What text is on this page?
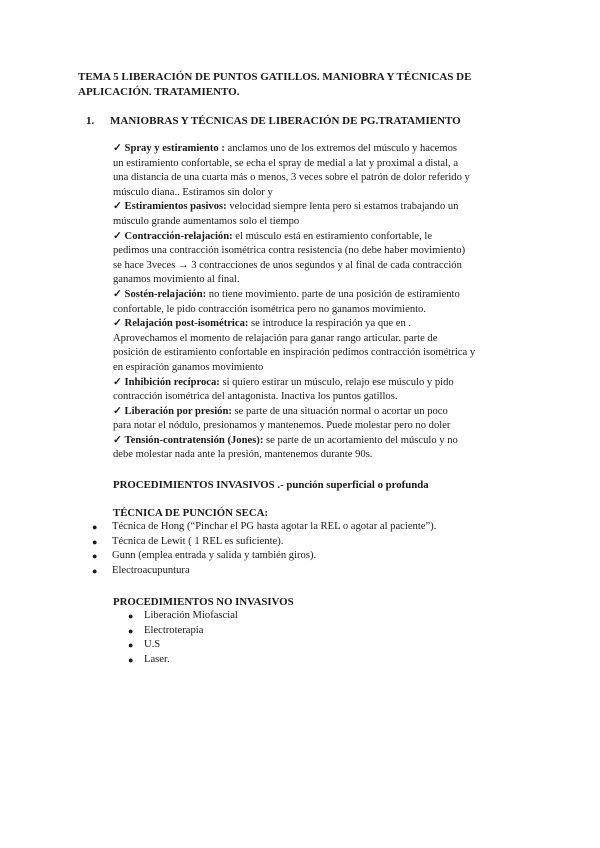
TEMA 5 LIBERACIÓN DE PUNTOS GATILLOS. MANIOBRA Y TÉCNICAS DE APLICACIÓN. TRATAMIENTO.
1. MANIOBRAS Y TÉCNICAS DE LIBERACIÓN DE PG.TRATAMIENTO

✓ Spray y estiramiento : anclamos uno de los extremos del músculo y hacemos
un estiramiento confortable, se echa el spray de medial a lat y proximal a distal, a
una distancia de una cuarta más o menos, 3 veces sobre el patrón de dolor referido y
músculo diana.. Estiramos sin dolor y

✓ Estiramientos pasivos: velocidad siempre lenta pero si estamos trabajando un
músculo grande aumentamos solo el tiempo

✓ Contracción-relajación: el músculo está en estiramiento confortable, le
pedimos una contracción isométrica contra resistencia (no debe haber movimiento)
se hace 3veces → 3 contracciones de unos segundos y al final de cada contracción
ganamos movimiento al final.

✓ Sostén-relajación: no tiene movimiento. parte de una posición de estiramiento
confortable, le pido contracción isométrica pero no ganamos movimiento.

✓ Relajación post-isométrica: se introduce la respiración ya que en .
Aprovechamos el momento de relajación para ganar rango articular. parte de
posición de estiramiento confortable en inspiración pedimos contracción isométrica y
en espiración ganamos movimiento

✓ Inhibición recíproca: si quiero estirar un músculo, relajo ese músculo y pido
contracción isométrica del antagonista. Inactiva los puntos gatillos.

✓ Liberación por presión: se parte de una situación normal o acortar un poco
para notar el nódulo, presionamos y mantenemos. Puede molestar pero no doler

✓ Tensión-contratensión (Jones): se parte de un acortamiento del músculo y no
debe molestar nada ante la presión, mantenemos durante 90s.

PROCEDIMIENTOS INVASIVOS .- punción superficial o profunda
TÉCNICA DE PUNCIÓN SECA:
● Técnica de Hong (“Pinchar el PG hasta agotar la REL o agotar al paciente”).
● Técnica de Lewit ( 1 REL es suficiente).
● Gunn (emplea entrada y salida y también giros).
● Electroacupuntura
PROCEDIMIENTOS NO INVASIVOS
● Liberación Miofascial
● Electroterapia
● U.S
● Laser.
